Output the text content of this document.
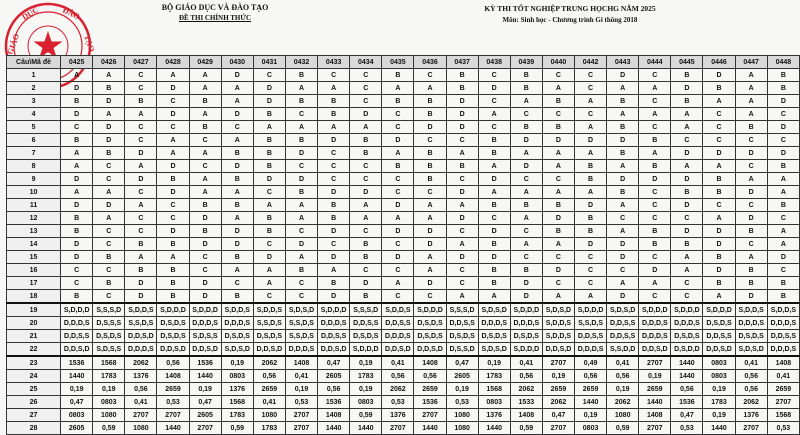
GIÁO
DỤC	ĐÀO
TẠO
BỘ GIÁO DỤC VÀ ĐÀO TẠO
ĐỀ THI CHÍNH THỨC
KỲ THI TỐT NGHIỆP TRUNG HỌCHG NĂM 2025
Môn: Sinh học - Chương trình Gi thông 2018
Câu\Mã đề	0425	0426	0427	0428	0429	0430	0431	0432	0433	0434	0435	0436	0437	0438	0439	0440	0442	0443	0444	0445	0446	0447	0448
1	A	A	C	A	A	D	C	B	C	C	B	C	B	C	B	C	C	D	C	B	D	A	B
2	D	B	C	D	A	A	D	A	A	C	A	A	B	D	B	A	C	A	A	D	B	A	B
3	B	D	B	C	B	A	D	B	B	C	B	B	D	C	A	B	A	B	C	B	A	A	D
4	D	A	A	D	A	D	B	C	B	D	C	B	D	A	C	C	C	A	A	A	C	A	C
5	C	D	C	C	B	C	A	A	A	A	C	D	D	C	B	B	A	B	C	A	C	B	D
6	B	D	C	A	C	A	B	B	D	B	D	C	C	B	D	D	D	D	B	C	C	C	C
7	A	B	D	A	A	B	B	D	C	B	A	B	A	B	A	A	A	B	A	D	D	D	D
8	A	C	A	D	C	D	B	C	C	C	B	B	B	A	D	A	B	A	B	A	A	C	B
9	D	C	D	B	A	B	D	D	C	C	C	B	C	D	C	C	B	D	D	D	B	A	A
10	A	A	C	D	A	A	C	B	D	D	C	C	D	A	A	A	A	B	C	B	B	D	A
11	D	D	A	C	B	B	A	A	B	A	D	A	A	B	B	B	D	A	C	D	C	C	B
12	B	A	C	C	D	A	B	A	B	A	A	A	D	C	A	D	B	C	C	C	A	D	C
13	B	C	C	D	B	D	B	C	D	C	D	D	C	D	C	B	B	A	B	D	D	B	A
14	D	C	B	B	D	D	C	D	C	B	C	D	A	B	A	A	D	D	B	B	D	C	A
15	D	B	A	A	C	B	D	A	D	B	D	A	D	D	C	C	C	D	C	A	B	A	D
16	C	C	B	B	C	A	A	B	A	C	C	A	C	B	B	D	C	C	D	A	D	B	C
17	C	B	D	B	D	C	A	C	B	D	A	D	C	B	D	C	C	A	A	C	B	B	B
18	B	C	D	B	D	B	C	C	D	B	C	C	A	A	D	A	A	D	C	C	A	D	B
19	S,D,D,D	S,S,S,D	S,D,D,S	S,D,D,D	S,D,D,D	S,D,D,S	S,D,D,S	S,D,S,D	S,D,D,D	S,S,S,D	S,D,D,S	S,D,D,D	S,S,S,D	S,D,S,D	S,D,D,D	S,D,S,D	S,D,D,D	S,D,S,D	S,D,D,D	S,D,D,D	S,D,D,D	S,D,D,S	S,D,D,S
20	D,D,D,S	D,S,S,S	S,S,D,S	D,S,D,S	D,D,D,S	D,D,D,S	S,S,D,S	S,S,D,S	D,D,D,S	D,D,S,S	D,D,S,S	D,S,D,S	D,D,S,S	D,D,D,S	D,D,D,S	S,D,D,S	S,S,D,S	D,D,S,S	D,D,D,S	D,D,D,S	D,S,D,S	D,D,D,S	D,D,D,S
21	D,D,S,S	D,S,D,S	D,D,S,D	D,S,D,S	S,D,S,S	D,S,D,S	D,S,D,S	S,S,D,S	D,D,S,S	D,S,D,S	D,D,D,S	D,S,D,S	D,S,D,S	D,S,D,S	D,S,D,S	S,D,D,S	D,D,S,S	D,D,S,S	D,D,D,S	D,S,D,S	D,D,S,S	D,S,D,S	D,D,S,S
22	D,D,S,D	S,D,S,S	D,D,D,S	D,D,S,D	D,D,S,D	S,D,S,D	D,D,S,D	D,D,D,S	D,D,S,D	S,D,D,D	D,D,S,D	D,D,S,D	D,S,S,D	S,D,S,D	S,D,D,D	D,D,S,D	D,D,D,S	S,S,D,D	D,D,S,D	D,S,D,D	D,D,S,D	S,D,S,D	D,D,D,S
23	1536	1568	2062	0,56	1536	0,19	2062	1408	0,47	0,19	0,41	1408	0,47	0,19	0,41	2707	0,49	0,41	2707	1440	0803	0,41	1408
24	1440	1783	1376	1408	1440	0803	0,56	0,41	2605	1783	0,56	0,56	2605	1783	0,56	0,19	0,56	0,56	0,19	1440	0803	0,56	0,41
25	0,19	0,19	0,56	2659	0,19	1376	2659	0,19	0,56	0,19	2062	2659	0,19	1568	2062	2659	2659	0,19	2659	0,56	0,19	0,56	2659
26	0,47	0803	0,41	0,53	0,47	1568	0,41	0,53	1536	0803	0,53	1536	0,53	0803	1533	2062	1440	2062	1440	1536	1783	2062	2707
27	0803	1080	2707	2707	2605	1783	1080	2707	1408	0,59	1376	2707	1080	1376	1408	0,47	0,19	1080	1408	0,47	0,19	1376	1568
28	2605	0,59	1080	1440	2707	0,59	1783	2707	1440	1440	2707	1440	1080	1440	0,59	2707	0803	0,59	2707	0,53	1440	2707	0,53
